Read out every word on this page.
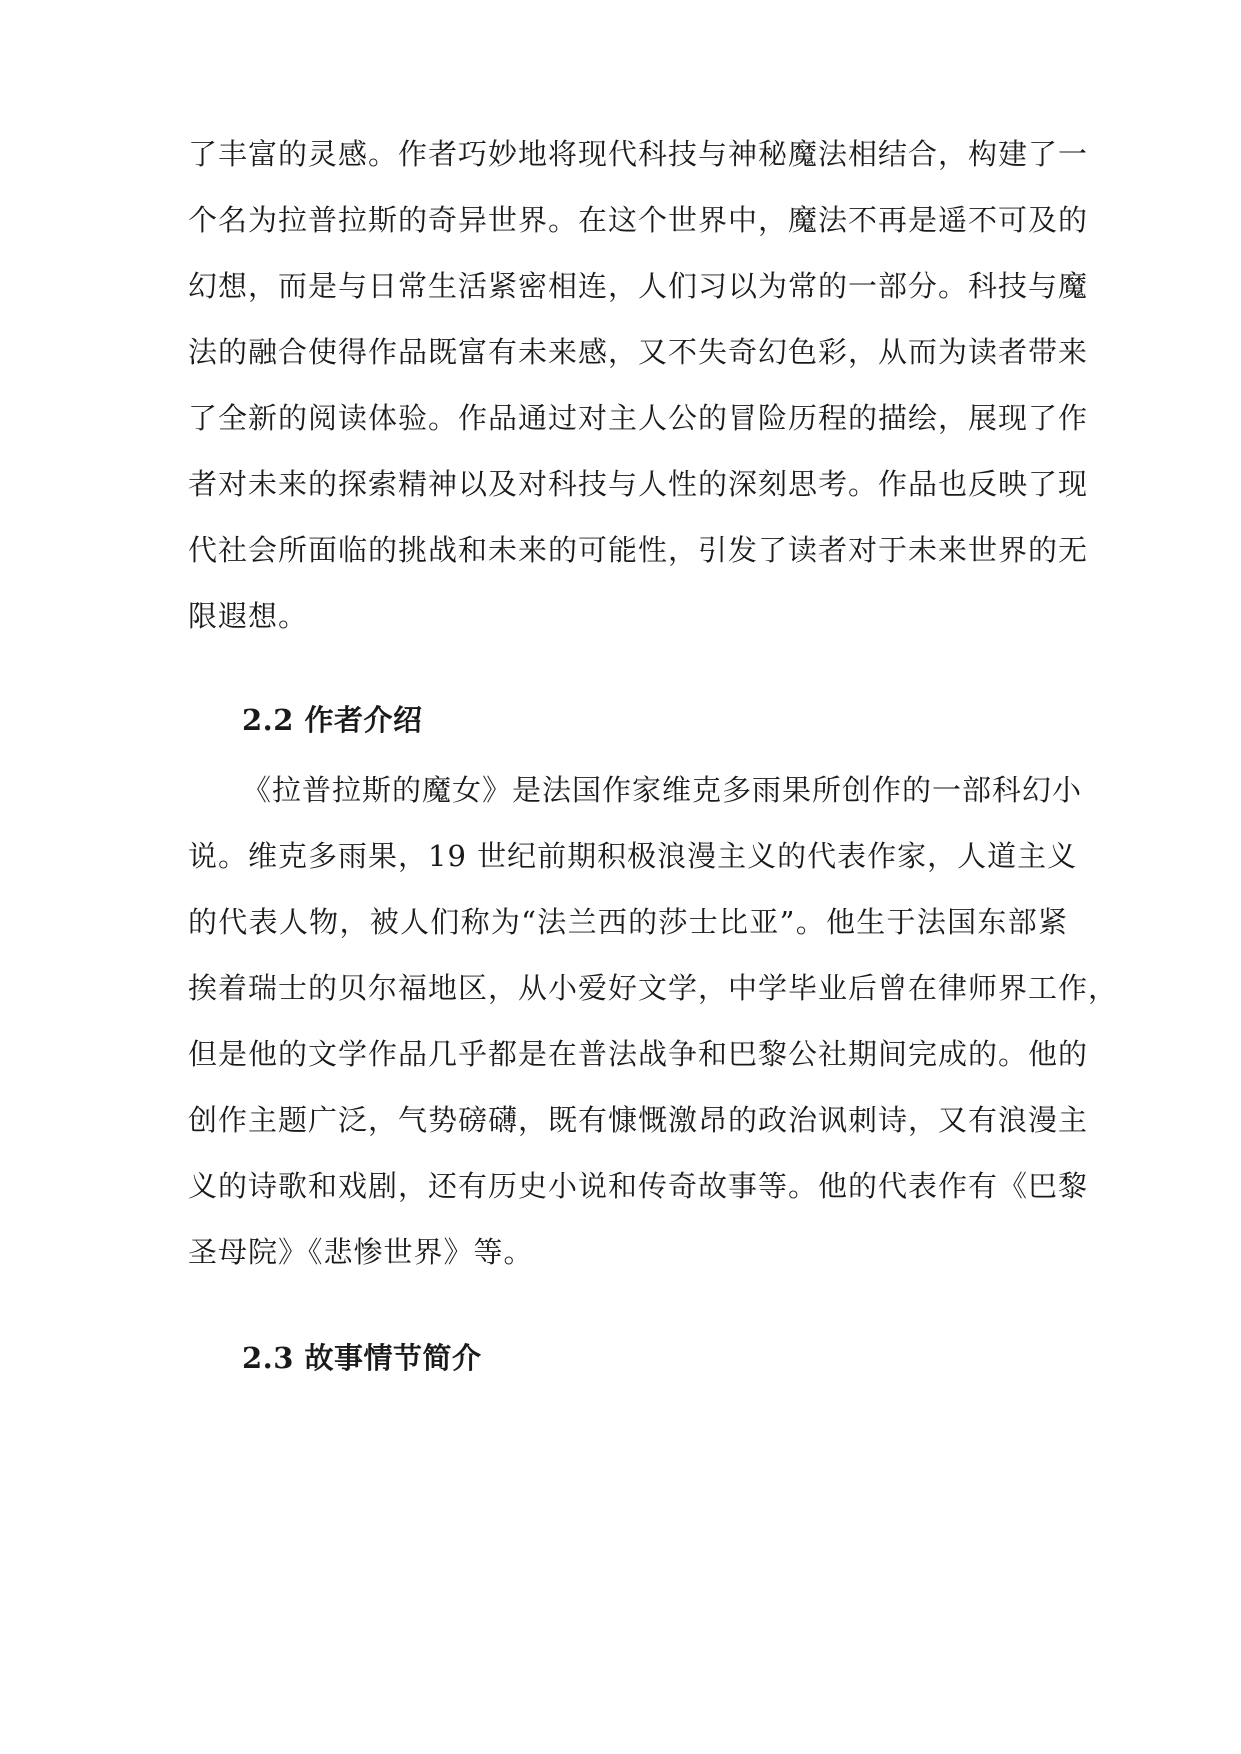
了丰富的灵感。作者巧妙地将现代科技与神秘魔法相结合，构建了一
个名为拉普拉斯的奇异世界。在这个世界中，魔法不再是遥不可及的
幻想，而是与日常生活紧密相连，人们习以为常的一部分。科技与魔
法的融合使得作品既富有未来感，又不失奇幻色彩，从而为读者带来
了全新的阅读体验。作品通过对主人公的冒险历程的描绘，展现了作
者对未来的探索精神以及对科技与人性的深刻思考。作品也反映了现
代社会所面临的挑战和未来的可能性，引发了读者对于未来世界的无
限遐想。
2.2 作者介绍
《拉普拉斯的魔女》是法国作家维克多雨果所创作的一部科幻小
说。维克多雨果，19 世纪前期积极浪漫主义的代表作家，人道主义
的代表人物，被人们称为“法兰西的莎士比亚”。他生于法国东部紧
挨着瑞士的贝尔福地区，从小爱好文学，中学毕业后曾在律师界工作，
但是他的文学作品几乎都是在普法战争和巴黎公社期间完成的。他的
创作主题广泛，气势磅礴，既有慷慨激昂的政治讽刺诗，又有浪漫主
义的诗歌和戏剧，还有历史小说和传奇故事等。他的代表作有《巴黎
圣母院》《悲惨世界》等。
2.3 故事情节简介
